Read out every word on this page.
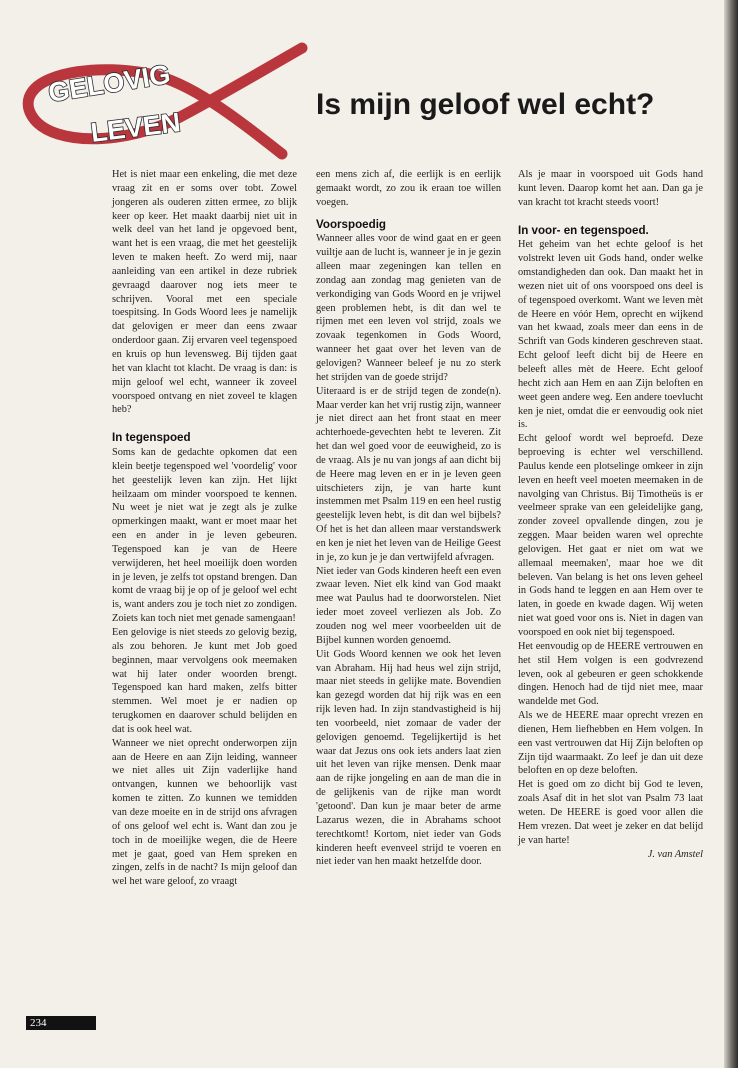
GELOVIG
LEVEN
Is mijn geloof wel echt?

Het is niet maar een enkeling, die met deze vraag zit en er soms over tobt. Zowel jongeren als ouderen zitten ermee, zo blijk keer op keer. Het maakt daarbij niet uit in welk deel van het land je opgevoed bent, want het is een vraag, die met het geestelijk leven te maken heeft. Zo werd mij, naar aanleiding van een artikel in deze rubriek gevraagd daarover nog iets meer te schrijven. Vooral met een speciale toespitsing. In Gods Woord lees je namelijk dat gelovigen er meer dan eens zwaar onderdoor gaan. Zij ervaren veel tegenspoed en kruis op hun levensweg. Bij tijden gaat het van klacht tot klacht. De vraag is dan: is mijn geloof wel echt, wanneer ik zoveel voorspoed ontvang en niet zoveel te klagen heb?

In tegenspoed

Soms kan de gedachte opkomen dat een klein beetje tegenspoed wel 'voordelig' voor het geestelijk leven kan zijn. Het lijkt heilzaam om minder voorspoed te kennen. Nu weet je niet wat je zegt als je zulke opmerkingen maakt, want er moet maar het een en ander in je leven gebeuren. Tegenspoed kan je van de Heere verwijderen, het heel moeilijk doen worden in je leven, je zelfs tot opstand brengen. Dan komt de vraag bij je op of je geloof wel echt is, want anders zou je toch niet zo zondigen. Zoiets kan toch niet met genade samengaan!

Een gelovige is niet steeds zo gelovig bezig, als zou behoren. Je kunt met Job goed beginnen, maar vervolgens ook meemaken wat hij later onder woorden brengt. Tegenspoed kan hard maken, zelfs bitter stemmen. Wel moet je er nadien op terugkomen en daarover schuld belijden en dat is ook heel wat.

Wanneer we niet oprecht onderworpen zijn aan de Heere en aan Zijn leiding, wanneer we niet alles uit Zijn vaderlijke hand ontvangen, kunnen we behoorlijk vast komen te zitten. Zo kunnen we temidden van deze moeite en in de strijd ons afvragen of ons geloof wel echt is. Want dan zou je toch in de moeilijke wegen, die de Heere met je gaat, goed van Hem spreken en zingen, zelfs in de nacht? Is mijn geloof dan wel het ware geloof, zo vraagt

een mens zich af, die eerlijk is en eerlijk gemaakt wordt, zo zou ik eraan toe willen voegen.

Voorspoedig

Wanneer alles voor de wind gaat en er geen vuiltje aan de lucht is, wanneer je in je gezin alleen maar zegeningen kan tellen en zondag aan zondag mag genieten van de verkondiging van Gods Woord en je vrijwel geen problemen hebt, is dit dan wel te rijmen met een leven vol strijd, zoals we zovaak tegenkomen in Gods Woord, wanneer het gaat over het leven van de gelovigen? Wanneer beleef je nu zo sterk het strijden van de goede strijd?

Uiteraard is er de strijd tegen de zonde(n). Maar verder kan het vrij rustig zijn, wanneer je niet direct aan het front staat en meer achterhoede-gevechten hebt te leveren. Zit het dan wel goed voor de eeuwigheid, zo is de vraag. Als je nu van jongs af aan dicht bij de Heere mag leven en er in je leven geen uitschieters zijn, je van harte kunt instemmen met Psalm 119 en een heel rustig geestelijk leven hebt, is dit dan wel bijbels? Of het is het dan alleen maar verstandswerk en ken je niet het leven van de Heilige Geest in je, zo kun je je dan vertwijfeld afvragen.

Niet ieder van Gods kinderen heeft een even zwaar leven. Niet elk kind van God maakt mee wat Paulus had te doorworstelen. Niet ieder moet zoveel verliezen als Job. Zo zouden nog wel meer voorbeelden uit de Bijbel kunnen worden genoemd.

Uit Gods Woord kennen we ook het leven van Abraham. Hij had heus wel zijn strijd, maar niet steeds in gelijke mate. Bovendien kan gezegd worden dat hij rijk was en een rijk leven had. In zijn standvastigheid is hij ten voorbeeld, niet zomaar de vader der gelovigen genoemd. Tegelijkertijd is het waar dat Jezus ons ook iets anders laat zien uit het leven van rijke mensen. Denk maar aan de rijke jongeling en aan de man die in de gelijkenis van de rijke man wordt 'getoond'. Dan kun je maar beter de arme Lazarus wezen, die in Abrahams schoot terechtkomt! Kortom, niet ieder van Gods kinderen heeft evenveel strijd te voeren en niet ieder van hen maakt hetzelfde door.

Als je maar in voorspoed uit Gods hand kunt leven. Daarop komt het aan. Dan ga je van kracht tot kracht steeds voort!

In voor- en tegenspoed.

Het geheim van het echte geloof is het volstrekt leven uit Gods hand, onder welke omstandigheden dan ook. Dan maakt het in wezen niet uit of ons voorspoed ons deel is of tegenspoed overkomt. Want we leven mèt de Heere en vóór Hem, oprecht en wijkend van het kwaad, zoals meer dan eens in de Schrift van Gods kinderen geschreven staat. Echt geloof leeft dicht bij de Heere en beleeft alles mèt de Heere. Echt geloof hecht zich aan Hem en aan Zijn beloften en weet geen andere weg. Een andere toevlucht ken je niet, omdat die er eenvoudig ook niet is.

Echt geloof wordt wel beproefd. Deze beproeving is echter wel verschillend. Paulus kende een plotselinge omkeer in zijn leven en heeft veel moeten meemaken in de navolging van Christus. Bij Timotheüs is er veelmeer sprake van een geleidelijke gang, zonder zoveel opvallende dingen, zou je zeggen. Maar beiden waren wel oprechte gelovigen. Het gaat er niet om wat we allemaal meemaken', maar hoe we dit beleven. Van belang is het ons leven geheel in Gods hand te leggen en aan Hem over te laten, in goede en kwade dagen. Wij weten niet wat goed voor ons is. Niet in dagen van voorspoed en ook niet bij tegenspoed.

Het eenvoudig op de HEERE vertrouwen en het stil Hem volgen is een godvrezend leven, ook al gebeuren er geen schokkende dingen. Henoch had de tijd niet mee, maar wandelde met God.

Als we de HEERE maar oprecht vrezen en dienen, Hem liefhebben en Hem volgen. In een vast vertrouwen dat Hij Zijn beloften op Zijn tijd waarmaakt. Zo leef je dan uit deze beloften en op deze beloften.

Het is goed om zo dicht bij God te leven, zoals Asaf dit in het slot van Psalm 73 laat weten. De HEERE is goed voor allen die Hem vrezen. Dat weet je zeker en dat belijd je van harte!

J. van Amstel

234
